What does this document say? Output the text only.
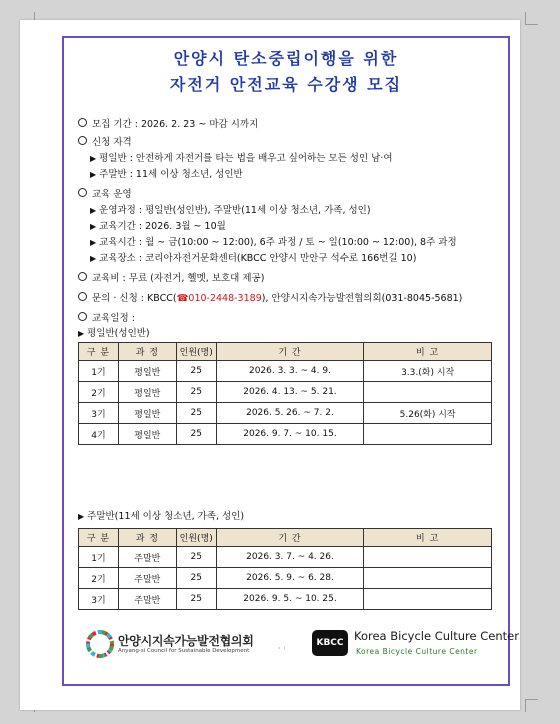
안양시 탄소중립이행을 위한
자전거 안전교육 수강생 모집
모집 기간 : 2026. 2. 23 ~ 마감 시까지
신청 자격
▶ 평일반 : 안전하게 자전거를 타는 법을 배우고 싶어하는 모든 성인 남·여
▶ 주말반 : 11세 이상 청소년, 성인반
교육 운영
▶ 운영과정 : 평일반(성인반), 주말반(11세 이상 청소년, 가족, 성인)
▶ 교육기간 : 2026. 3월 ~ 10월
▶ 교육시간 : 월 ~ 금(10:00 ~ 12:00), 6주 과정 / 토 ~ 일(10:00 ~ 12:00), 8주 과정
▶ 교육장소 : 코리아자전거문화센터(KBCC 안양시 만안구 석수로 166번길 10)
교육비 : 무료 (자전거, 헬멧, 보호대 제공)
문의 · 신청 : KBCC(☎010-2448-3189), 안양시지속가능발전협의회(031-8045-5681)
교육일정 :
▶ 평일반(성인반)
구 분	과 정	인원(명)	기 간	비 고
1기	평일반	25	2026. 3. 3. ~ 4. 9.	3.3.(화) 시작
2기	평일반	25	2026. 4. 13. ~ 5. 21.	
3기	평일반	25	2026. 5. 26. ~ 7. 2.	5.26(화) 시작
4기	평일반	25	2026. 9. 7. ~ 10. 15.	
▶ 주말반(11세 이상 청소년, 가족, 성인)
구 분	과 정	인원(명)	기 간	비 고
1기	주말반	25	2026. 3. 7. ~ 4. 26.	
2기	주말반	25	2026. 5. 9. ~ 6. 28.	
3기	주말반	25	2026. 9. 5. ~ 10. 25.	
안양시지속가능발전협의회
Anyang-si Council for Sustainable Development	· ·
KBCC Korea Bicycle Culture Center
Korea Bicycle Culture Center
